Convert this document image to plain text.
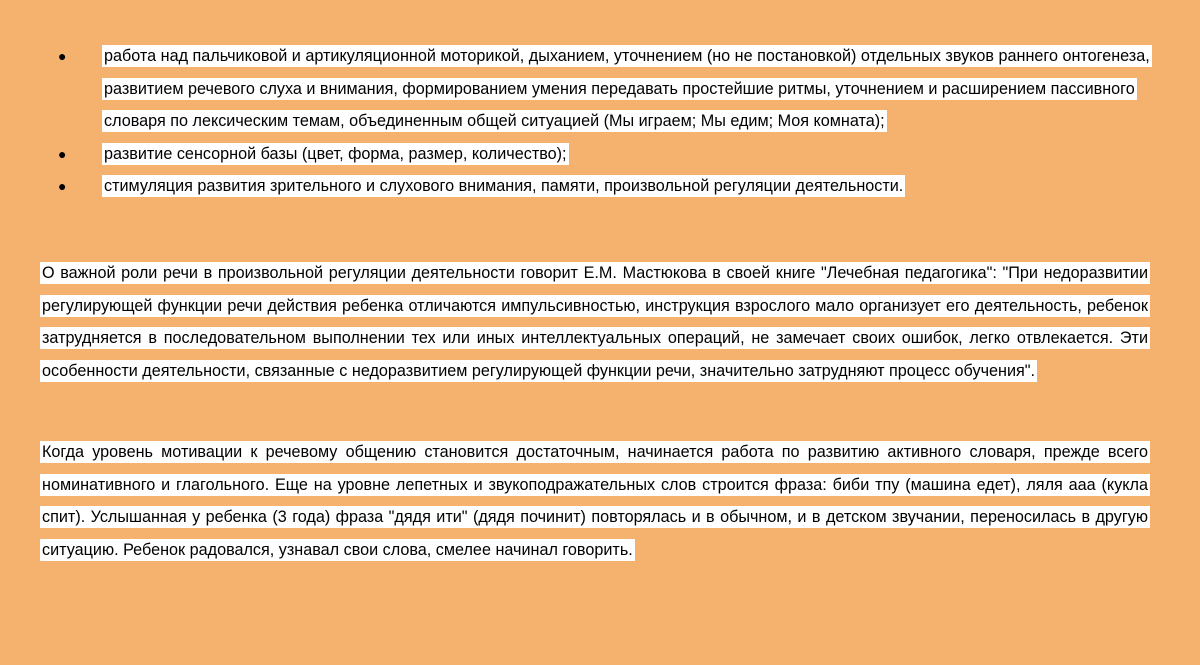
● работа над пальчиковой и артикуляционной моторикой, дыханием, уточнением (но не постановкой) отдельных звуков раннего онтогенеза, развитием речевого слуха и внимания, формированием умения передавать простейшие ритмы, уточнением и расширением пассивного словаря по лексическим темам, объединенным общей ситуацией (Мы играем; Мы едим; Моя комната);
● развитие сенсорной базы (цвет, форма, размер, количество);
● стимуляция развития зрительного и слухового внимания, памяти, произвольной регуляции деятельности.

О важной роли речи в произвольной регуляции деятельности говорит Е.М. Мастюкова в своей книге "Лечебная педагогика": "При недоразвитии регулирующей функции речи действия ребенка отличаются импульсивностью, инструкция взрослого мало организует его деятельность, ребенок затрудняется в последовательном выполнении тех или иных интеллектуальных операций, не замечает своих ошибок, легко отвлекается. Эти особенности деятельности, связанные с недоразвитием регулирующей функции речи, значительно затрудняют процесс обучения".

Когда уровень мотивации к речевому общению становится достаточным, начинается работа по развитию активного словаря, прежде всего номинативного и глагольного. Еще на уровне лепетных и звукоподражательных слов строится фраза: биби тпу (машина едет), ляля ааа (кукла спит). Услышанная у ребенка (3 года) фраза "дядя ити" (дядя починит) повторялась и в обычном, и в детском звучании, переносилась в другую ситуацию. Ребенок радовался, узнавал свои слова, смелее начинал говорить.
